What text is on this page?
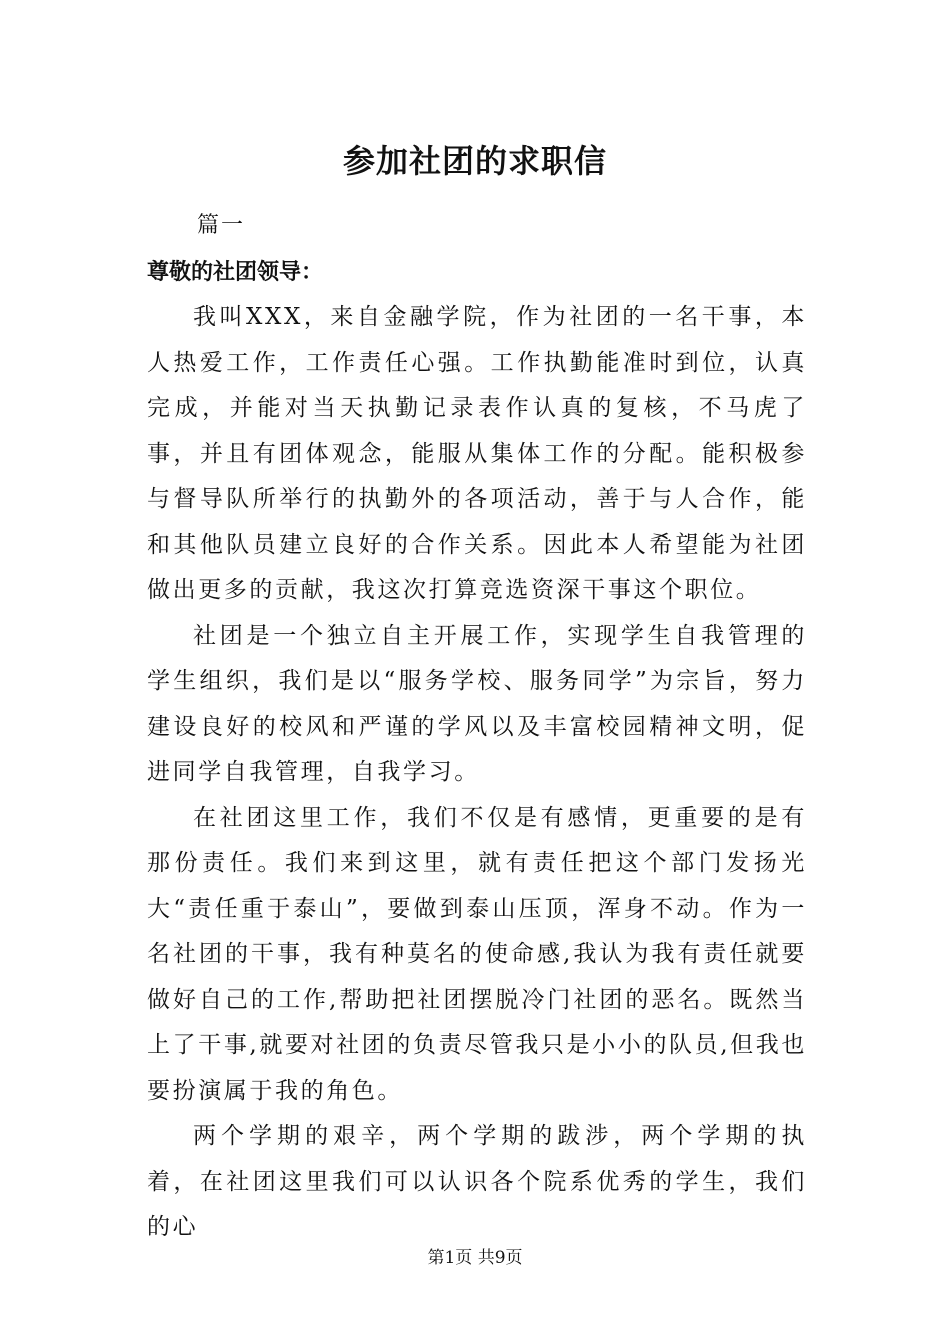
参加社团的求职信

篇一

尊敬的社团领导：

我叫XXX，来自金融学院，作为社团的一名干事，本人热爱工作，工作责任心强。工作执勤能准时到位，认真完成，并能对当天执勤记录表作认真的复核，不马虎了事，并且有团体观念，能服从集体工作的分配。能积极参与督导队所举行的执勤外的各项活动，善于与人合作，能和其他队员建立良好的合作关系。因此本人希望能为社团做出更多的贡献，我这次打算竞选资深干事这个职位。

社团是一个独立自主开展工作，实现学生自我管理的学生组织，我们是以“服务学校、服务同学”为宗旨，努力建设良好的校风和严谨的学风以及丰富校园精神文明，促进同学自我管理，自我学习。

在社团这里工作，我们不仅是有感情，更重要的是有那份责任。我们来到这里，就有责任把这个部门发扬光大“责任重于泰山”，要做到泰山压顶，浑身不动。作为一名社团的干事，我有种莫名的使命感,我认为我有责任就要做好自己的工作,帮助把社团摆脱冷门社团的恶名。既然当上了干事,就要对社团的负责尽管我只是小小的队员,但我也要扮演属于我的角色。

两个学期的艰辛，两个学期的跋涉，两个学期的执着，在社团这里我们可以认识各个院系优秀的学生，我们的心

第1页 共9页
